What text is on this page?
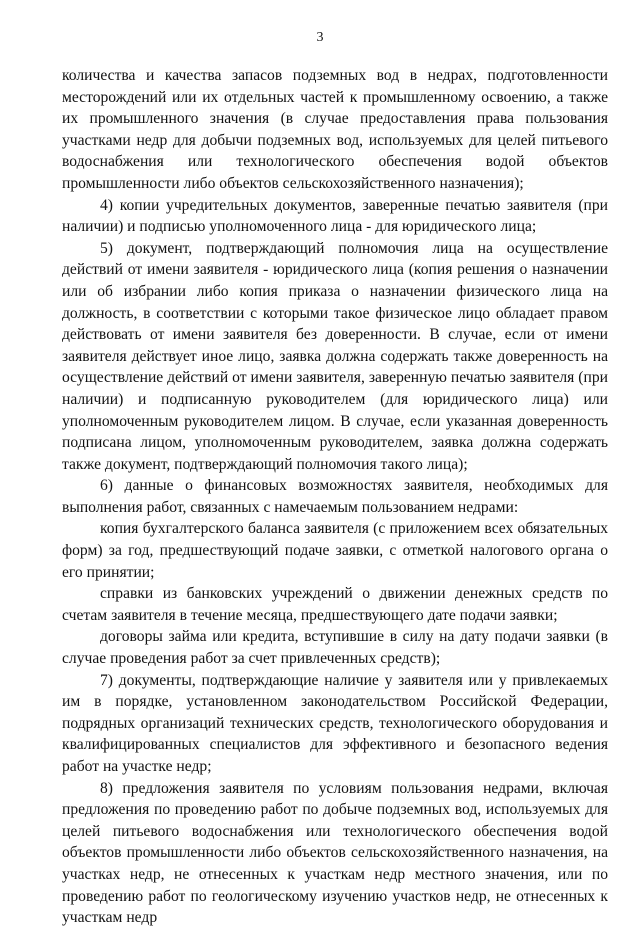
3

количества и качества запасов подземных вод в недрах, подготовленности месторождений или их отдельных частей к промышленному освоению, а также их промышленного значения (в случае предоставления права пользования участками недр для добычи подземных вод, используемых для целей питьевого водоснабжения или технологического обеспечения водой объектов промышленности либо объектов сельскохозяйственного назначения);

4) копии учредительных документов, заверенные печатью заявителя (при наличии) и подписью уполномоченного лица - для юридического лица;

5) документ, подтверждающий полномочия лица на осуществление действий от имени заявителя - юридического лица (копия решения о назначении или об избрании либо копия приказа о назначении физического лица на должность, в соответствии с которыми такое физическое лицо обладает правом действовать от имени заявителя без доверенности. В случае, если от имени заявителя действует иное лицо, заявка должна содержать также доверенность на осуществление действий от имени заявителя, заверенную печатью заявителя (при наличии) и подписанную руководителем (для юридического лица) или уполномоченным руководителем лицом. В случае, если указанная доверенность подписана лицом, уполномоченным руководителем, заявка должна содержать также документ, подтверждающий полномочия такого лица);

6) данные о финансовых возможностях заявителя, необходимых для выполнения работ, связанных с намечаемым пользованием недрами:

копия бухгалтерского баланса заявителя (с приложением всех обязательных форм) за год, предшествующий подаче заявки, с отметкой налогового органа о его принятии;

справки из банковских учреждений о движении денежных средств по счетам заявителя в течение месяца, предшествующего дате подачи заявки;

договоры займа или кредита, вступившие в силу на дату подачи заявки (в случае проведения работ за счет привлеченных средств);

7) документы, подтверждающие наличие у заявителя или у привлекаемых им в порядке, установленном законодательством Российской Федерации, подрядных организаций технических средств, технологического оборудования и квалифицированных специалистов для эффективного и безопасного ведения работ на участке недр;

8) предложения заявителя по условиям пользования недрами, включая предложения по проведению работ по добыче подземных вод, используемых для целей питьевого водоснабжения или технологического обеспечения водой объектов промышленности либо объектов сельскохозяйственного назначения, на участках недр, не отнесенных к участкам недр местного значения, или по проведению работ по геологическому изучению участков недр, не отнесенных к участкам недр
